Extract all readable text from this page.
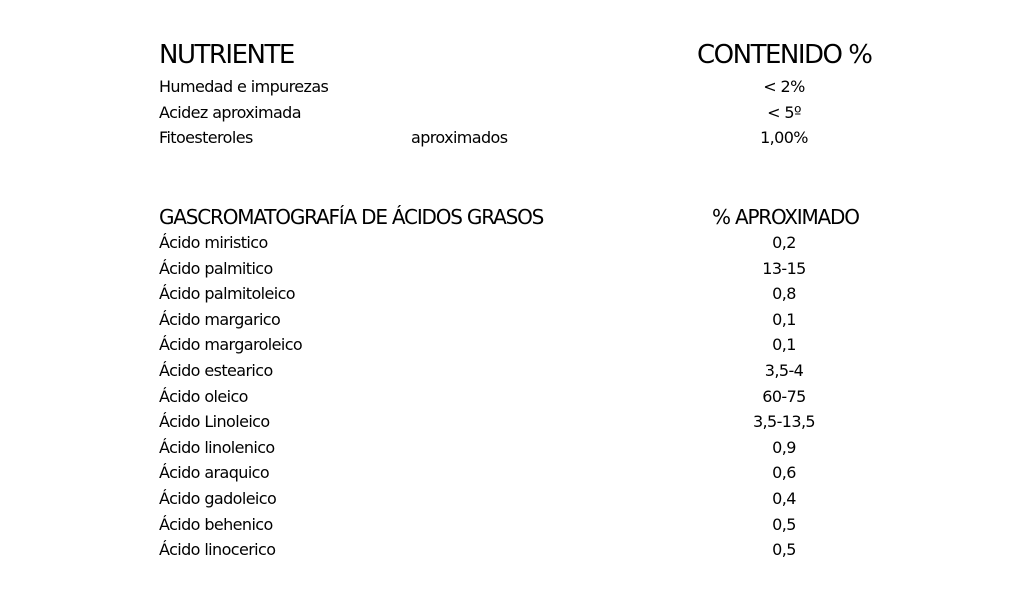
NUTRIENTE	CONTENIDO %
Humedad e impurezas	< 2%
Acidez aproximada	< 5º
Fitoesteroles	aproximados	1,00%
GASCROMATOGRAFÍA DE ÁCIDOS GRASOS	% APROXIMADO
Ácido miristico	0,2
Ácido palmitico	13-15
Ácido palmitoleico	0,8
Ácido margarico	0,1
Ácido margaroleico	0,1
Ácido estearico	3,5-4
Ácido oleico	60-75
Ácido Linoleico	3,5-13,5
Ácido linolenico	0,9
Ácido araquico	0,6
Ácido gadoleico	0,4
Ácido behenico	0,5
Ácido linocerico	0,5
